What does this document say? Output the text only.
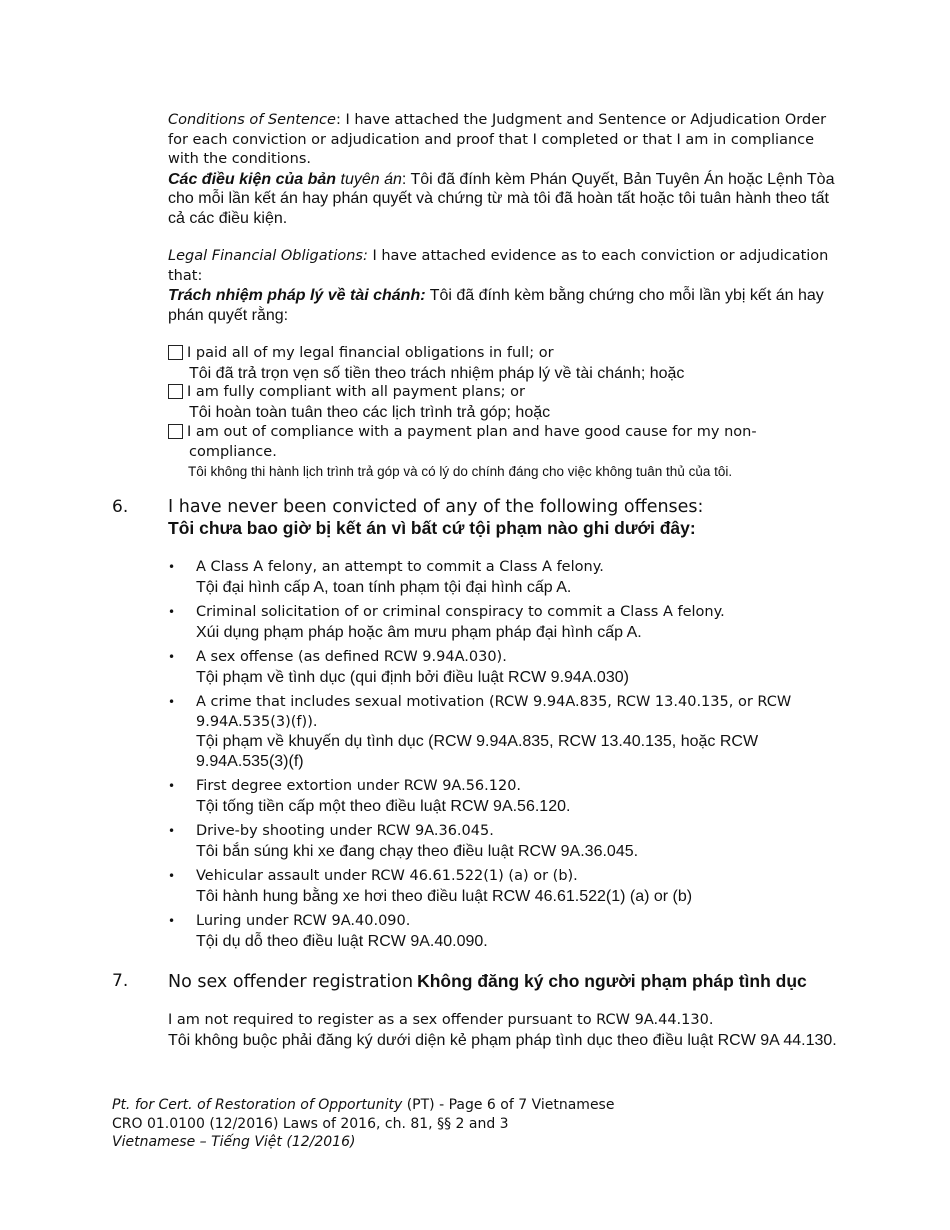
Conditions of Sentence: I have attached the Judgment and Sentence or Adjudication Order for each conviction or adjudication and proof that I completed or that I am in compliance with the conditions.
Các điều kiện của bản tuyên án: Tôi đã đính kèm Phán Quyết, Bản Tuyên Án hoặc Lệnh Tòa cho mỗi lần kết án hay phán quyết và chứng từ mà tôi đã hoàn tất hoặc tôi tuân hành theo tất cả các điều kiện.
Legal Financial Obligations: I have attached evidence as to each conviction or adjudication that:
Trách nhiệm pháp lý về tài chánh: Tôi đã đính kèm bằng chứng cho mỗi lần ybị kết án hay phán quyết rằng:
I paid all of my legal financial obligations in full; or
Tôi đã trả trọn vẹn số tiền theo trách nhiệm pháp lý về tài chánh; hoặc
I am fully compliant with all payment plans; or
Tôi hoàn toàn tuân theo các lịch trình trả góp; hoặc
I am out of compliance with a payment plan and have good cause for my non-
compliance.
Tôi không thi hành lịch trình trả góp và có lý do chính đáng cho việc không tuân thủ của tôi.
6. I have never been convicted of any of the following offenses:
Tôi chưa bao giờ bị kết án vì bất cứ tội phạm nào ghi dưới đây:
• A Class A felony, an attempt to commit a Class A felony.
Tội đại hình cấp A, toan tính phạm tội đại hình cấp A.
• Criminal solicitation of or criminal conspiracy to commit a Class A felony.
Xúi dụng phạm pháp hoặc âm mưu phạm pháp đại hình cấp A.
• A sex offense (as defined RCW 9.94A.030).
Tội phạm về tình dục (qui định bởi điều luật RCW 9.94A.030)
• A crime that includes sexual motivation (RCW 9.94A.835, RCW 13.40.135, or RCW 9.94A.535(3)(f)).
Tội phạm về khuyến dụ tình dục (RCW 9.94A.835, RCW 13.40.135, hoặc RCW 9.94A.535(3)(f)
• First degree extortion under RCW 9A.56.120.
Tội tống tiền cấp một theo điều luật RCW 9A.56.120.
• Drive-by shooting under RCW 9A.36.045.
Tôi bắn súng khi xe đang chạy theo điều luật RCW 9A.36.045.
• Vehicular assault under RCW 46.61.522(1) (a) or (b).
Tôi hành hung bằng xe hơi theo điều luật RCW 46.61.522(1) (a) or (b)
• Luring under RCW 9A.40.090.
Tội dụ dỗ theo điều luật RCW 9A.40.090.
7. No sex offender registration Không đăng ký cho người phạm pháp tình dục
I am not required to register as a sex offender pursuant to RCW 9A.44.130.
Tôi không buộc phải đăng ký dưới diện kẻ phạm pháp tình dục theo điều luật RCW 9A 44.130.
Pt. for Cert. of Restoration of Opportunity (PT) - Page 6 of 7 Vietnamese
CRO 01.0100 (12/2016) Laws of 2016, ch. 81, §§ 2 and 3
Vietnamese – Tiếng Việt (12/2016)
